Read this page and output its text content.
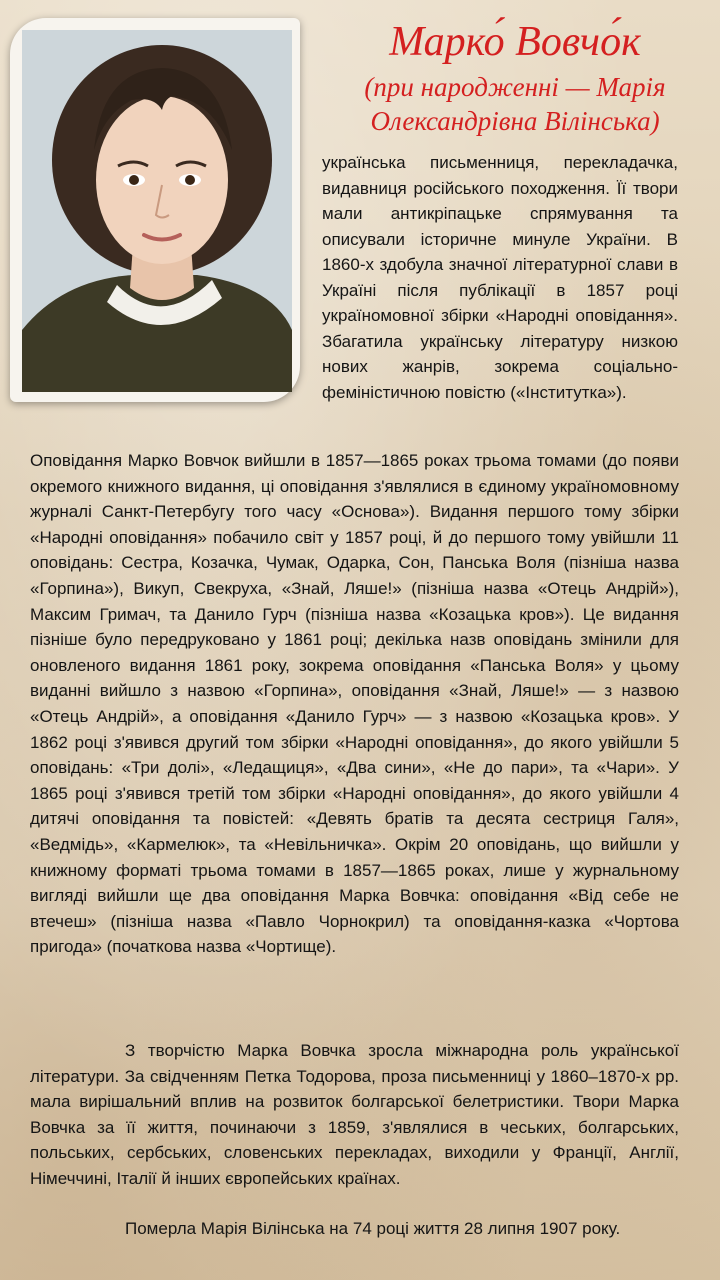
Марко́ Вовчо́к
(при народженні — Марія
Олександрівна Вілінська)

українська письменниця, перекладачка, видавниця російського походження. Її твори мали антикріпацьке спрямування та описували історичне минуле України. В 1860-х здобула значної літературної слави в Україні після публікації в 1857 році україномовної збірки «Народні оповідання». Збагатила українську літературу низкою нових жанрів, зокрема соціально-феміністичною повістю («Інститутка»).

Оповідання Марко Вовчок вийшли в 1857—1865 роках трьома томами (до появи окремого книжного видання, ці оповідання з'являлися в єдиному україномовному журналі Санкт-Петербугу того часу «Основа»). Видання першого тому збірки «Народні оповідання» побачило світ у 1857 році, й до першого тому увійшли 11 оповідань: Сестра, Козачка, Чумак, Одарка, Сон, Панська Воля (пізніша назва «Горпина»), Викуп, Свекруха, «Знай, Ляше!» (пізніша назва «Отець Андрій»), Максим Гримач, та Данило Гурч (пізніша назва «Козацька кров»). Це видання пізніше було передруковано у 1861 році; декілька назв оповідань змінили для оновленого видання 1861 року, зокрема оповідання «Панська Воля» у цьому виданні вийшло з назвою «Горпина», оповідання «Знай, Ляше!» — з назвою «Отець Андрій», а оповідання «Данило Гурч» — з назвою «Козацька кров». У 1862 році з'явився другий том збірки «Народні оповідання», до якого увійшли 5 оповідань: «Три долі», «Ледащиця», «Два сини», «Не до пари», та «Чари». У 1865 році з'явився третій том збірки «Народні оповідання», до якого увійшли 4 дитячі оповідання та повістей: «Девять братів та десята сестриця Галя», «Ведмідь», «Кармелюк», та «Невільничка». Окрім 20 оповідань, що вийшли у книжному форматі трьома томами в 1857—1865 роках, лише у журнальному вигляді вийшли ще два оповідання Марка Вовчка: оповідання «Від себе не втечеш» (пізніша назва «Павло Чорнокрил) та оповідання-казка «Чортова пригода» (початкова назва «Чортище).

З творчістю Марка Вовчка зросла міжнародна роль української літератури. За свідченням Петка Тодорова, проза письменниці у 1860–1870-х рр. мала вирішальний вплив на розвиток болгарської белетристики. Твори Марка Вовчка за її життя, починаючи з 1859, з'являлися в чеських, болгарських, польських, сербських, словенських перекладах, виходили у Франції, Англії, Німеччині, Італії й інших європейських країнах.

Померла Марія Вілінська на 74 році життя 28 липня 1907 року.
